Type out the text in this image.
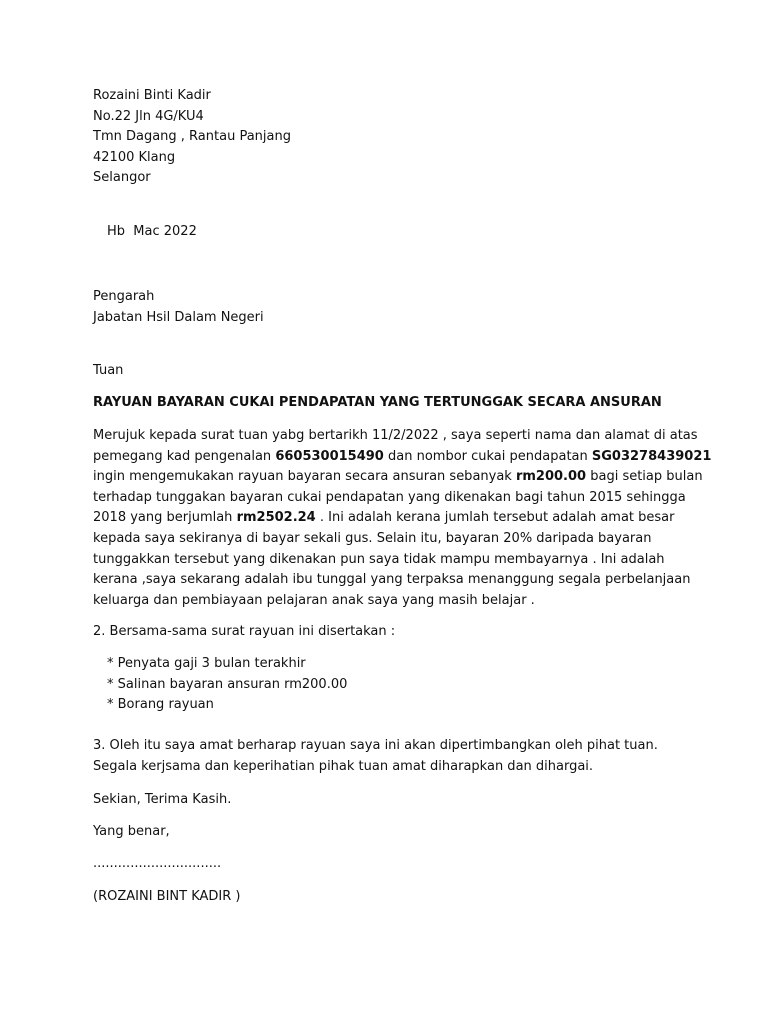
Rozaini Binti Kadir
No.22 Jln 4G/KU4
Tmn Dagang , Rantau Panjang
42100 Klang
Selangor
Hb  Mac 2022
Pengarah
Jabatan Hsil Dalam Negeri
Tuan
RAYUAN BAYARAN CUKAI PENDAPATAN YANG TERTUNGGAK SECARA ANSURAN
Merujuk kepada surat tuan yabg bertarikh 11/2/2022 , saya seperti nama dan alamat di atas
pemegang kad pengenalan 660530015490 dan nombor cukai pendapatan SG03278439021
ingin mengemukakan rayuan bayaran secara ansuran sebanyak rm200.00 bagi setiap bulan
terhadap tunggakan bayaran cukai pendapatan yang dikenakan bagi tahun 2015 sehingga
2018 yang berjumlah rm2502.24 . Ini adalah kerana jumlah tersebut adalah amat besar
kepada saya sekiranya di bayar sekali gus. Selain itu, bayaran 20% daripada bayaran
tunggakkan tersebut yang dikenakan pun saya tidak mampu membayarnya . Ini adalah
kerana ,saya sekarang adalah ibu tunggal yang terpaksa menanggung segala perbelanjaan
keluarga dan pembiayaan pelajaran anak saya yang masih belajar .
2. Bersama-sama surat rayuan ini disertakan :
* Penyata gaji 3 bulan terakhir
* Salinan bayaran ansuran rm200.00
* Borang rayuan
3. Oleh itu saya amat berharap rayuan saya ini akan dipertimbangkan oleh pihat tuan.
Segala kerjsama dan keperihatian pihak tuan amat diharapkan dan dihargai.
Sekian, Terima Kasih.
Yang benar,
...............................
(ROZAINI BINT KADIR )
